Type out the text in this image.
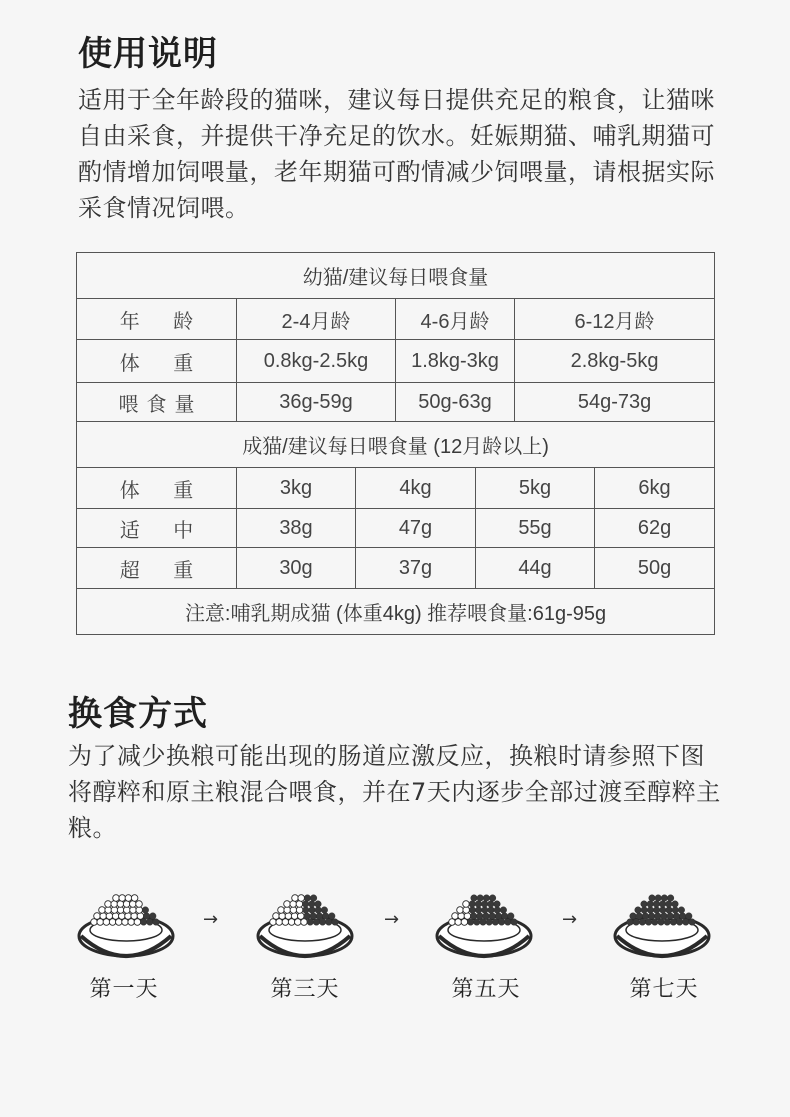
使用说明
适用于全年龄段的猫咪，建议每日提供充足的粮食，让猫咪自由采食，并提供干净充足的饮水。妊娠期猫、哺乳期猫可酌情增加饲喂量，老年期猫可酌情减少饲喂量，请根据实际采食情况饲喂。
幼猫/建议每日喂食量						
年 龄	2-4月龄		4-6月龄		6-12月龄	
体 重	0.8kg-2.5kg		1.8kg-3kg		2.8kg-5kg	
喂食量	36g-59g		50g-63g		54g-73g	
成猫/建议每日喂食量 (12月龄以上)						
体 重	3kg	4kg		5kg		6kg
适 中	38g	47g		55g		62g
超 重	30g	37g		44g		50g
注意:哺乳期成猫 (体重4kg) 推荐喂食量:61g-95g						
换食方式
为了减少换粮可能出现的肠道应激反应，换粮时请参照下图将醇粹和原主粮混合喂食，并在7天内逐步全部过渡至醇粹主粮。
→	→	→
第一天	第三天	第五天	第七天
